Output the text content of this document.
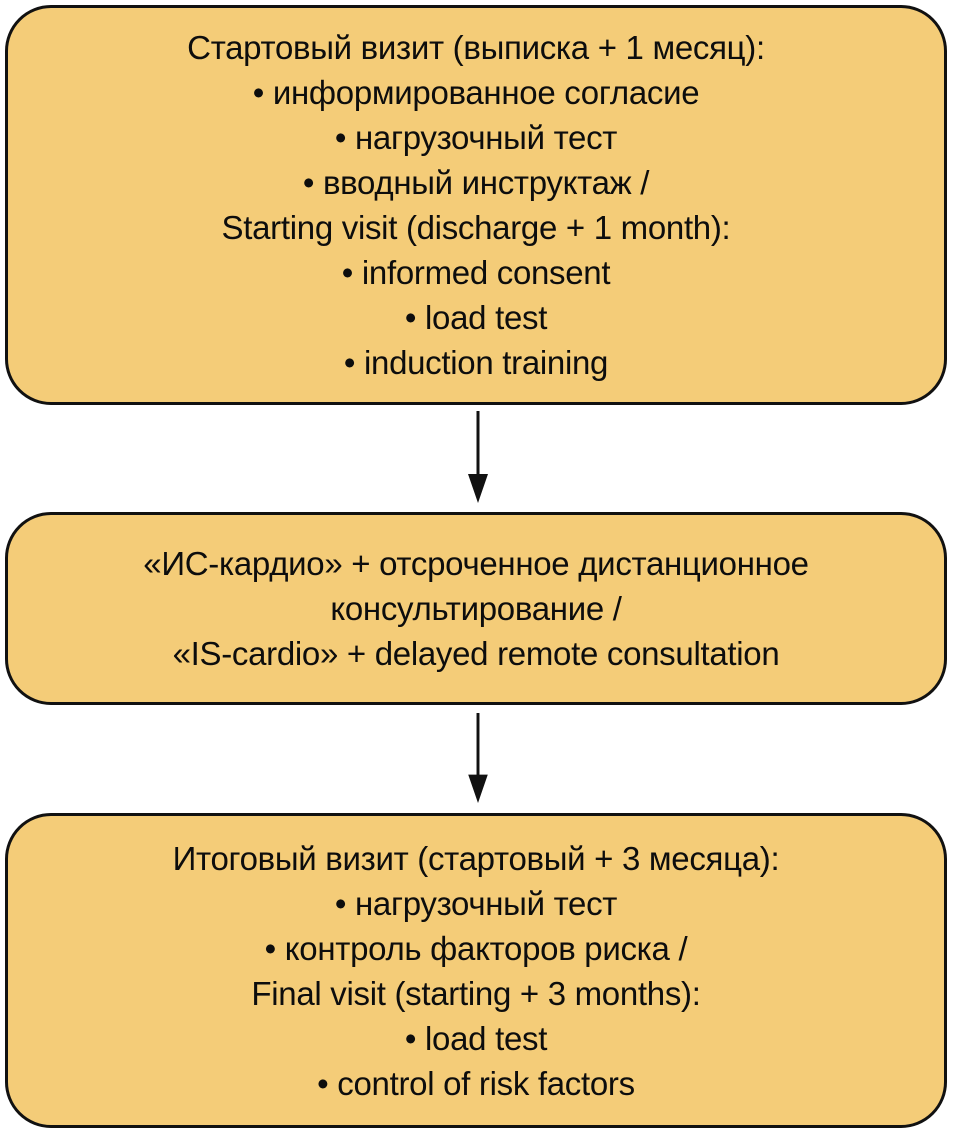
Стартовый визит (выписка + 1 месяц):
• информированное согласие
• нагрузочный тест
• вводный инструктаж /
Starting visit (discharge + 1 month):
• informed consent
• load test
• induction training
«ИС-кардио» + отсроченное дистанционное
консультирование /
«IS-cardio» + delayed remote consultation
Итоговый визит (стартовый + 3 месяца):
• нагрузочный тест
• контроль факторов риска /
Final visit (starting + 3 months):
• load test
• control of risk factors
